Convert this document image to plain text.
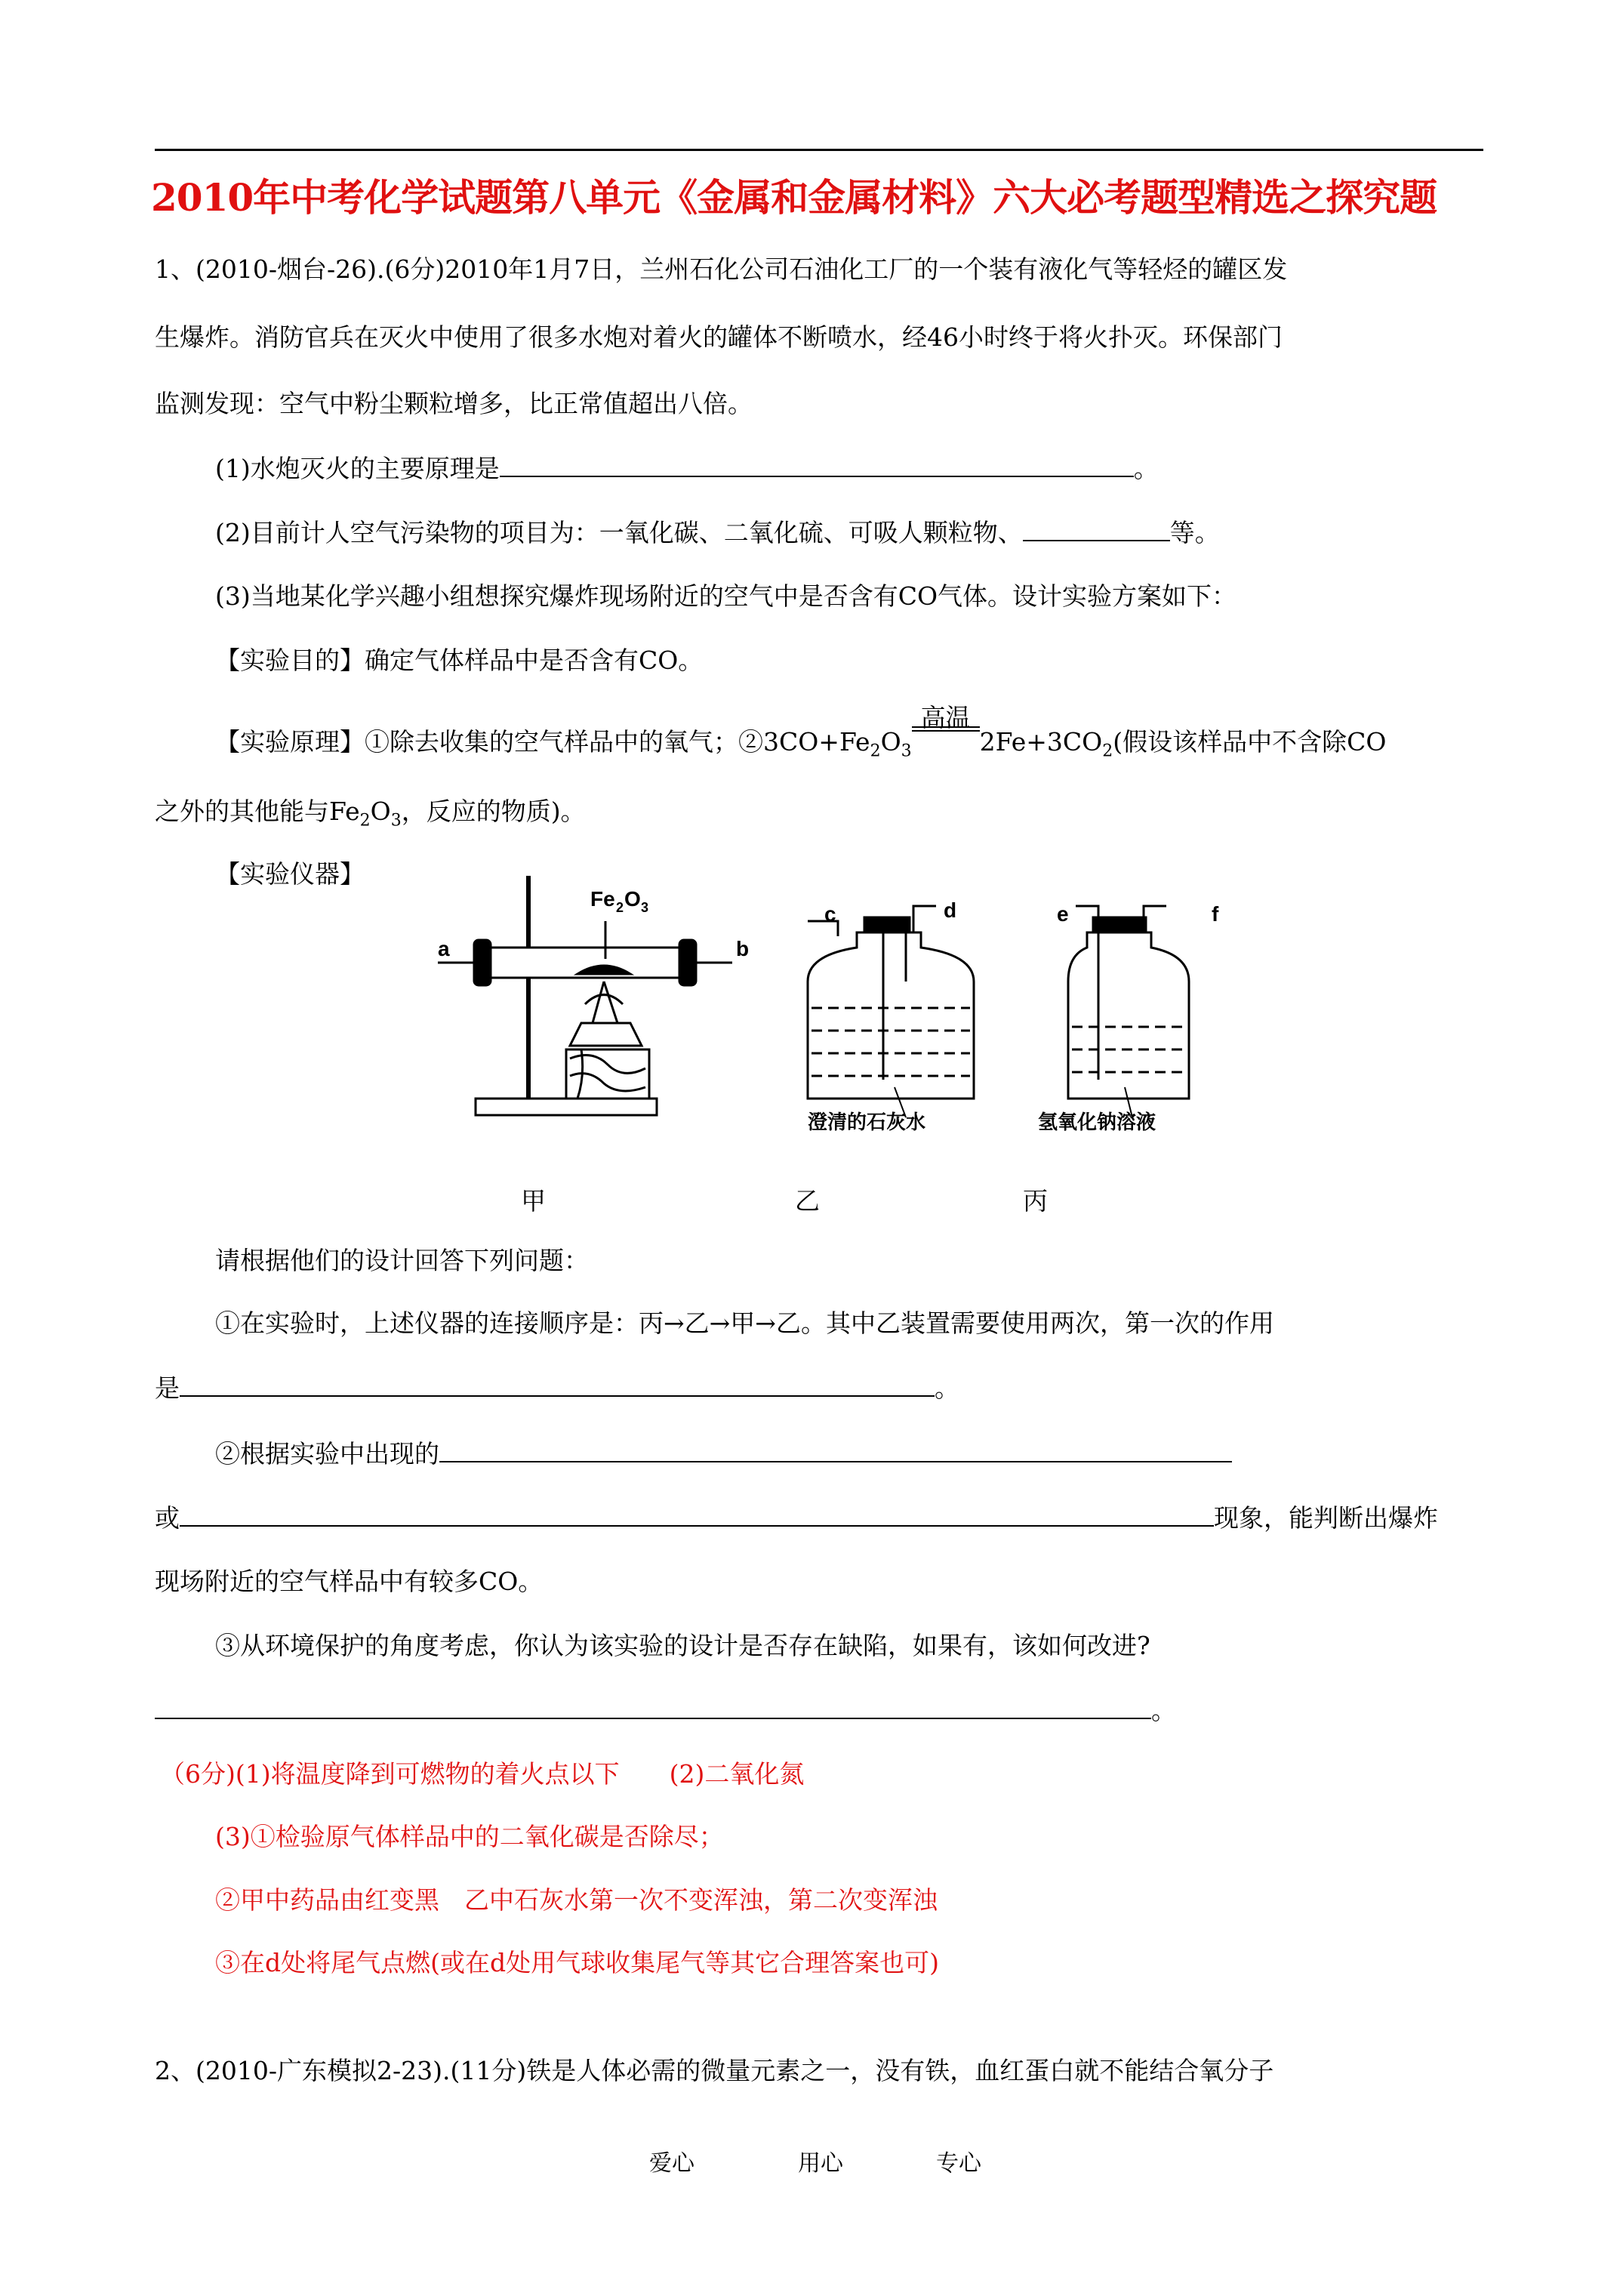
2010年中考化学试题第八单元《金属和金属材料》六大必考题型精选之探究题
1、(2010-烟台-26).(6分)2010年1月7日，兰州石化公司石油化工厂的一个装有液化气等轻烃的罐区发
生爆炸。消防官兵在灭火中使用了很多水炮对着火的罐体不断喷水，经46小时终于将火扑灭。环保部门
监测发现：空气中粉尘颗粒增多，比正常值超出八倍。
(1)水炮灭火的主要原理是	。
(2)目前计人空气污染物的项目为：一氧化碳、二氧化硫、可吸人颗粒物、	等。
(3)当地某化学兴趣小组想探究爆炸现场附近的空气中是否含有CO气体。设计实验方案如下：
【实验目的】确定气体样品中是否含有CO。
【实验原理】①除去收集的空气样品中的氧气；$②3CO+Fe_2O_3$
高温
$2Fe+3CO_2$(假设该样品中不含除CO
之外的其他能与$Fe_2O_3$，反应的物质)。
【实验仪器】
Fe 2 O 3
a	b
c	d
澄清的石灰水
e	f
氢氧化钠溶液
甲	乙	丙
请根据他们的设计回答下列问题：
①在实验时，上述仪器的连接顺序是：丙→乙→甲→乙。其中乙装置需要使用两次，第一次的作用
是	。
②根据实验中出现的
或	现象，能判断出爆炸
现场附近的空气样品中有较多CO。
③从环境保护的角度考虑，你认为该实验的设计是否存在缺陷，如果有，该如何改进?
。
（6分)(1)将温度降到可燃物的着火点以下　　(2)二氧化氮
(3)①检验原气体样品中的二氧化碳是否除尽；
②甲中药品由红变黑　乙中石灰水第一次不变浑浊，第二次变浑浊
③在d处将尾气点燃(或在d处用气球收集尾气等其它合理答案也可)
2、(2010-广东模拟2-23).(11分)铁是人体必需的微量元素之一，没有铁，血红蛋白就不能结合氧分子
爱心	用心	专心
